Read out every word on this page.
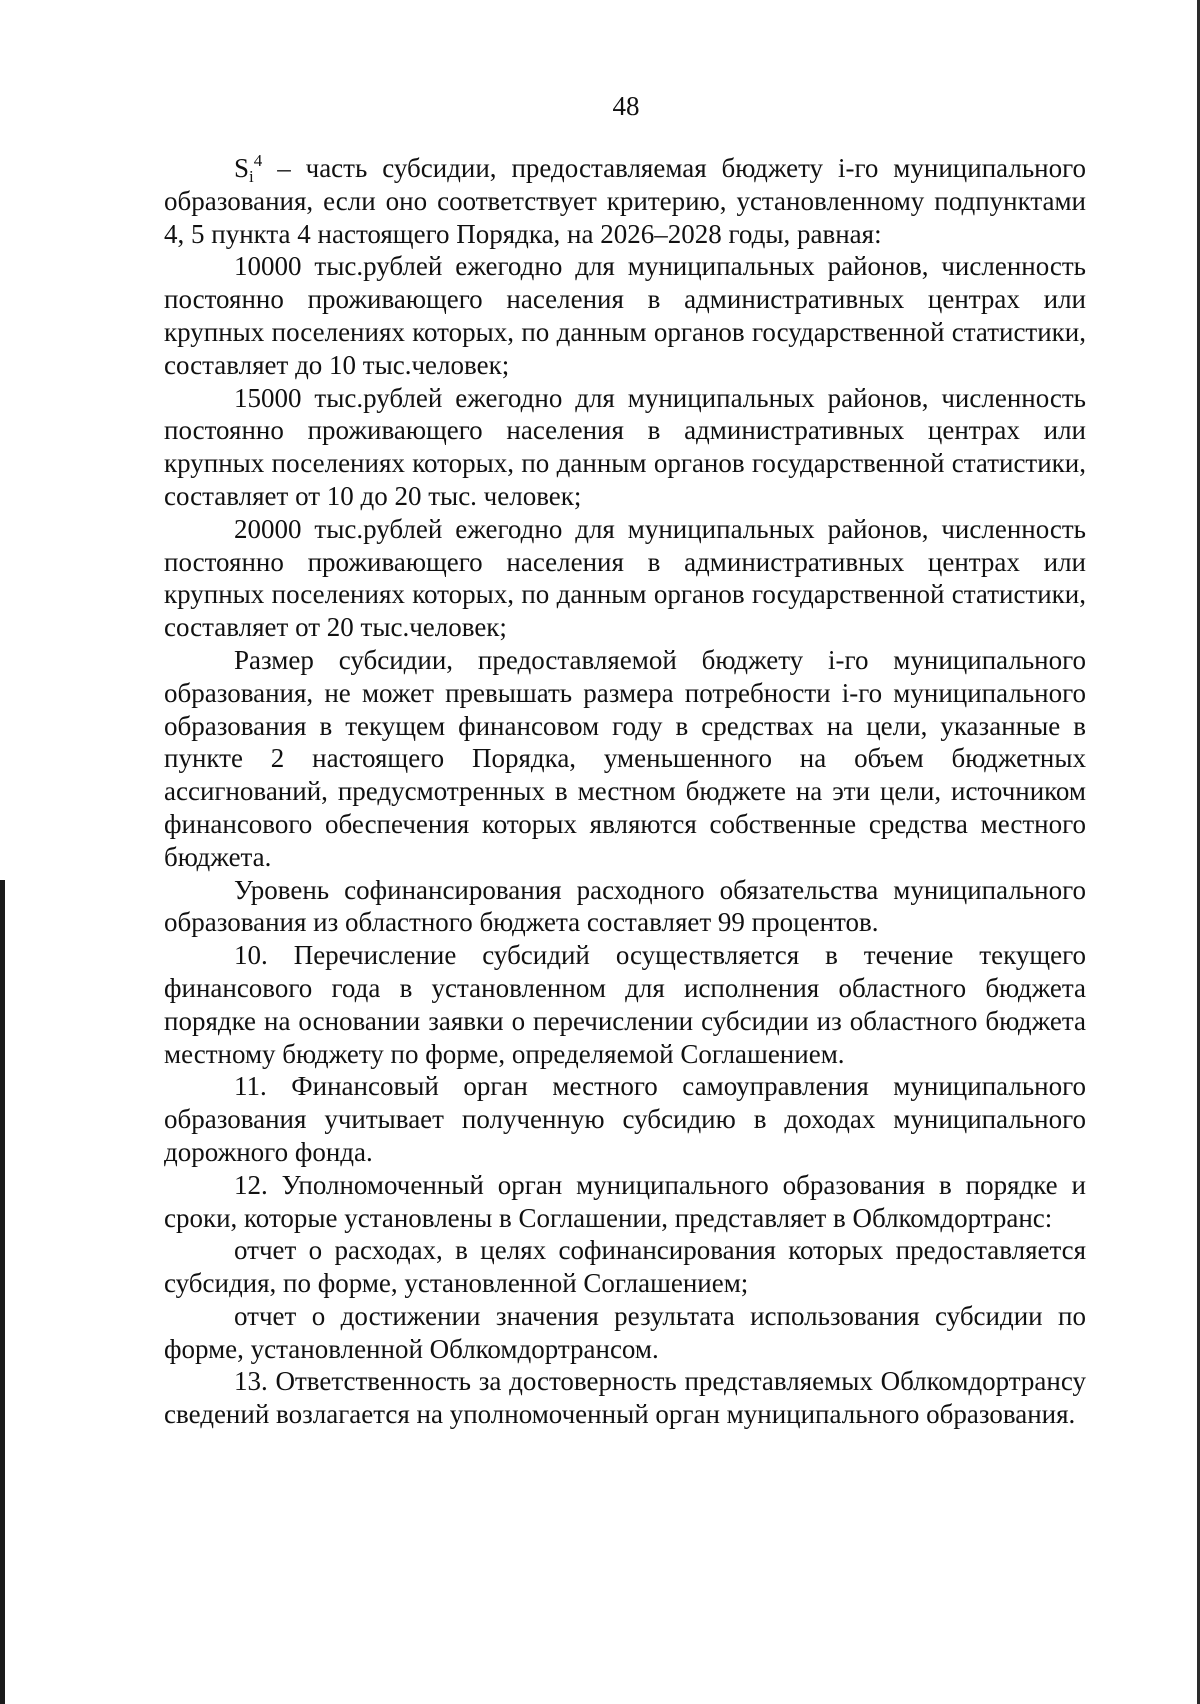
48

$S_i^4$ – часть субсидии, предоставляемая бюджету i-го муниципального образования, если оно соответствует критерию, установленному подпунктами 4, 5 пункта 4 настоящего Порядка, на 2026–2028 годы, равная:

10000 тыс.рублей ежегодно для муниципальных районов, численность постоянно проживающего населения в административных центрах или крупных поселениях которых, по данным органов государственной статистики, составляет до 10 тыс.человек;

15000 тыс.рублей ежегодно для муниципальных районов, численность постоянно проживающего населения в административных центрах или крупных поселениях которых, по данным органов государственной статистики, составляет от 10 до 20 тыс. человек;

20000 тыс.рублей ежегодно для муниципальных районов, численность постоянно проживающего населения в административных центрах или крупных поселениях которых, по данным органов государственной статистики, составляет от 20 тыс.человек;

Размер субсидии, предоставляемой бюджету i-го муниципального образования, не может превышать размера потребности i-го муниципального образования в текущем финансовом году в средствах на цели, указанные в пункте 2 настоящего Порядка, уменьшенного на объем бюджетных ассигнований, предусмотренных в местном бюджете на эти цели, источником финансового обеспечения которых являются собственные средства местного бюджета.

Уровень софинансирования расходного обязательства муниципального образования из областного бюджета составляет 99 процентов.

10. Перечисление субсидий осуществляется в течение текущего финансового года в установленном для исполнения областного бюджета порядке на основании заявки о перечислении субсидии из областного бюджета местному бюджету по форме, определяемой Соглашением.

11. Финансовый орган местного самоуправления муниципального образования учитывает полученную субсидию в доходах муниципального дорожного фонда.

12. Уполномоченный орган муниципального образования в порядке и сроки, которые установлены в Соглашении, представляет в Облкомдортранс:

отчет о расходах, в целях софинансирования которых предоставляется субсидия, по форме, установленной Соглашением;

отчет о достижении значения результата использования субсидии по форме, установленной Облкомдортрансом.

13. Ответственность за достоверность представляемых Облкомдортрансу сведений возлагается на уполномоченный орган муниципального образования.
